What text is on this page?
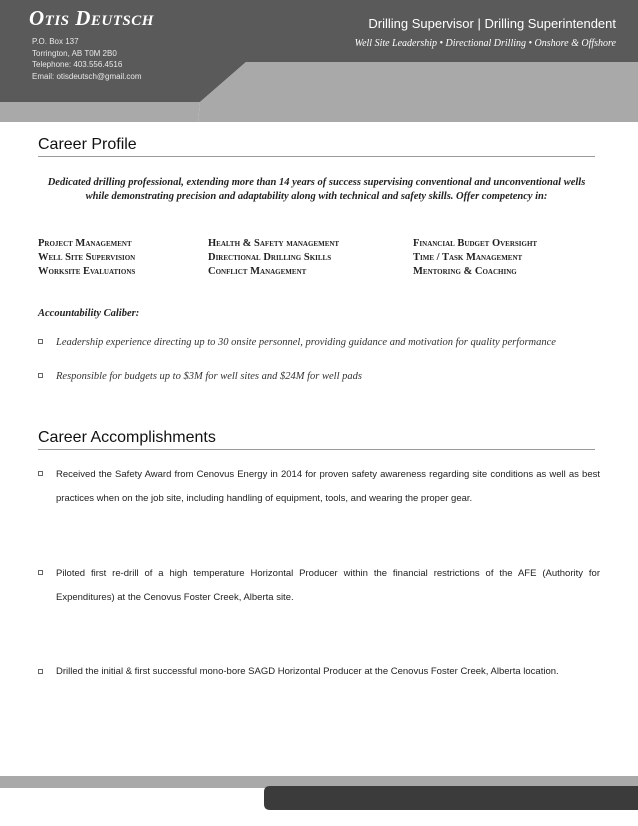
Otis Deutsch
P.O. Box 137
Torrington, AB T0M 2B0
Telephone: 403.556.4516
Email: otisdeutsch@gmail.com
Drilling Supervisor | Drilling Superintendent
Well Site Leadership • Directional Drilling • Onshore & Offshore
Career Profile
Dedicated drilling professional, extending more than 14 years of success supervising conventional and unconventional wells while demonstrating precision and adaptability along with technical and safety skills. Offer competency in:
Project Management
Well Site Supervision
Worksite Evaluations
Health & Safety management
Directional Drilling Skills
Conflict Management
Financial Budget Oversight
Time / Task Management
Mentoring & Coaching
Accountability Caliber:
Leadership experience directing up to 30 onsite personnel, providing guidance and motivation for quality performance
Responsible for budgets up to $3M for well sites and $24M for well pads
Career Accomplishments
Received the Safety Award from Cenovus Energy in 2014 for proven safety awareness regarding site conditions as well as best practices when on the job site, including handling of equipment, tools, and wearing the proper gear.
Piloted first re-drill of a high temperature Horizontal Producer within the financial restrictions of the AFE (Authority for Expenditures) at the Cenovus Foster Creek, Alberta site.
Drilled the initial & first successful mono-bore SAGD Horizontal Producer at the Cenovus Foster Creek, Alberta location.
